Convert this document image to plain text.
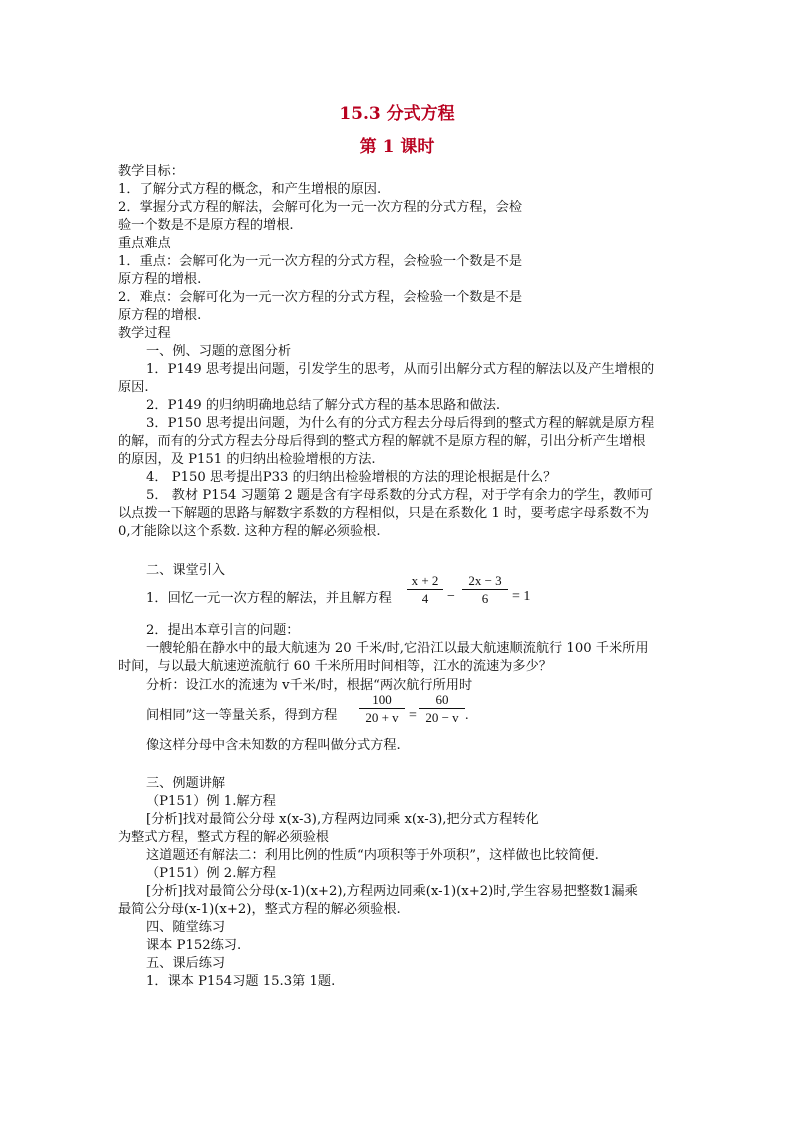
15.3 分式方程
第 1 课时
教学目标：
1．了解分式方程的概念，和产生增根的原因.
2．掌握分式方程的解法，会解可化为一元一次方程的分式方程，会检
验一个数是不是原方程的增根.
重点难点
1．重点：会解可化为一元一次方程的分式方程，会检验一个数是不是
原方程的增根.
2．难点：会解可化为一元一次方程的分式方程，会检验一个数是不是
原方程的增根.
教学过程
一、例、习题的意图分析
1．P149 思考提出问题，引发学生的思考，从而引出解分式方程的解法以及产生增根的
原因.
2．P149 的归纳明确地总结了解分式方程的基本思路和做法.
3．P150 思考提出问题，为什么有的分式方程去分母后得到的整式方程的解就是原方程
的解，而有的分式方程去分母后得到的整式方程的解就不是原方程的解，引出分析产生增根
的原因，及 P151 的归纳出检验增根的方法.
4． P150 思考提出P33 的归纳出检验增根的方法的理论根据是什么？
5． 教材 P154 习题第 2 题是含有字母系数的分式方程，对于学有余力的学生，教师可
以点拨一下解题的思路与解数字系数的方程相似，只是在系数化 1 时，要考虑字母系数不为
0,才能除以这个系数. 这种方程的解必须验根.
二、课堂引入
1．回忆一元一次方程的解法，并且解方程 $\frac{x + 2}{4} - \frac{2x - 3}{6} = 1$
2．提出本章引言的问题：
一艘轮船在静水中的最大航速为 20 千米/时,它沿江以最大航速顺流航行 100 千米所用
时间，与以最大航速逆流航行 60 千米所用时间相等，江水的流速为多少？
分析：设江水的流速为 v千米/时，根据“两次航行所用时
间相同”这一等量关系，得到方程 $\frac{100}{20 + v} = \frac{60}{20 - v}$ .
像这样分母中含未知数的方程叫做分式方程.
三、例题讲解
（P151）例 1.解方程
[分析]找对最简公分母 x(x-3),方程两边同乘 x(x-3),把分式方程转化
为整式方程，整式方程的解必须验根
这道题还有解法二：利用比例的性质“内项积等于外项积”，这样做也比较简便.
（P151）例 2.解方程
[分析]找对最简公分母(x-1)(x+2),方程两边同乘(x-1)(x+2)时,学生容易把整数1漏乘
最简公分母(x-1)(x+2)，整式方程的解必须验根.
四、随堂练习
课本 P152练习.
五、课后练习
1．课本 P154习题 15.3第 1题.
